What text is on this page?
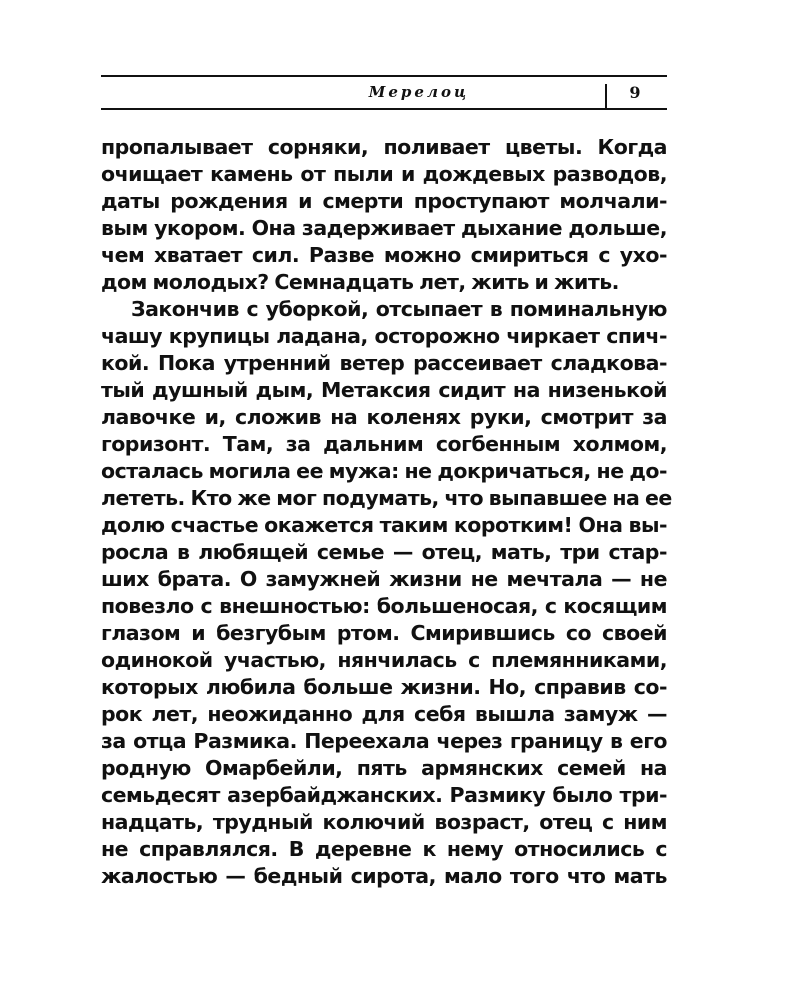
Мерелоц	9
пропалывает сорняки, поливает цветы. Когда
очищает камень от пыли и дождевых разводов,
даты рождения и смерти проступают молчали-
вым укором. Она задерживает дыхание дольше,
чем хватает сил. Разве можно смириться с ухо-
дом молодых? Семнадцать лет, жить и жить.
Закончив с уборкой, отсыпает в поминальную
чашу крупицы ладана, осторожно чиркает спич-
кой. Пока утренний ветер рассеивает сладкова-
тый душный дым, Метаксия сидит на низенькой
лавочке и, сложив на коленях руки, смотрит за
горизонт. Там, за дальним согбенным холмом,
осталась могила ее мужа: не докричаться, не до-
лететь. Кто же мог подумать, что выпавшее на ее
долю счастье окажется таким коротким! Она вы-
росла в любящей семье — отец, мать, три стар-
ших брата. О замужней жизни не мечтала — не
повезло с внешностью: большеносая, с косящим
глазом и безгубым ртом. Смирившись со своей
одинокой участью, нянчилась с племянниками,
которых любила больше жизни. Но, справив со-
рок лет, неожиданно для себя вышла замуж —
за отца Размика. Переехала через границу в его
родную Омарбейли, пять армянских семей на
семьдесят азербайджанских. Размику было три-
надцать, трудный колючий возраст, отец с ним
не справлялся. В деревне к нему относились с
жалостью — бедный сирота, мало того что мать
